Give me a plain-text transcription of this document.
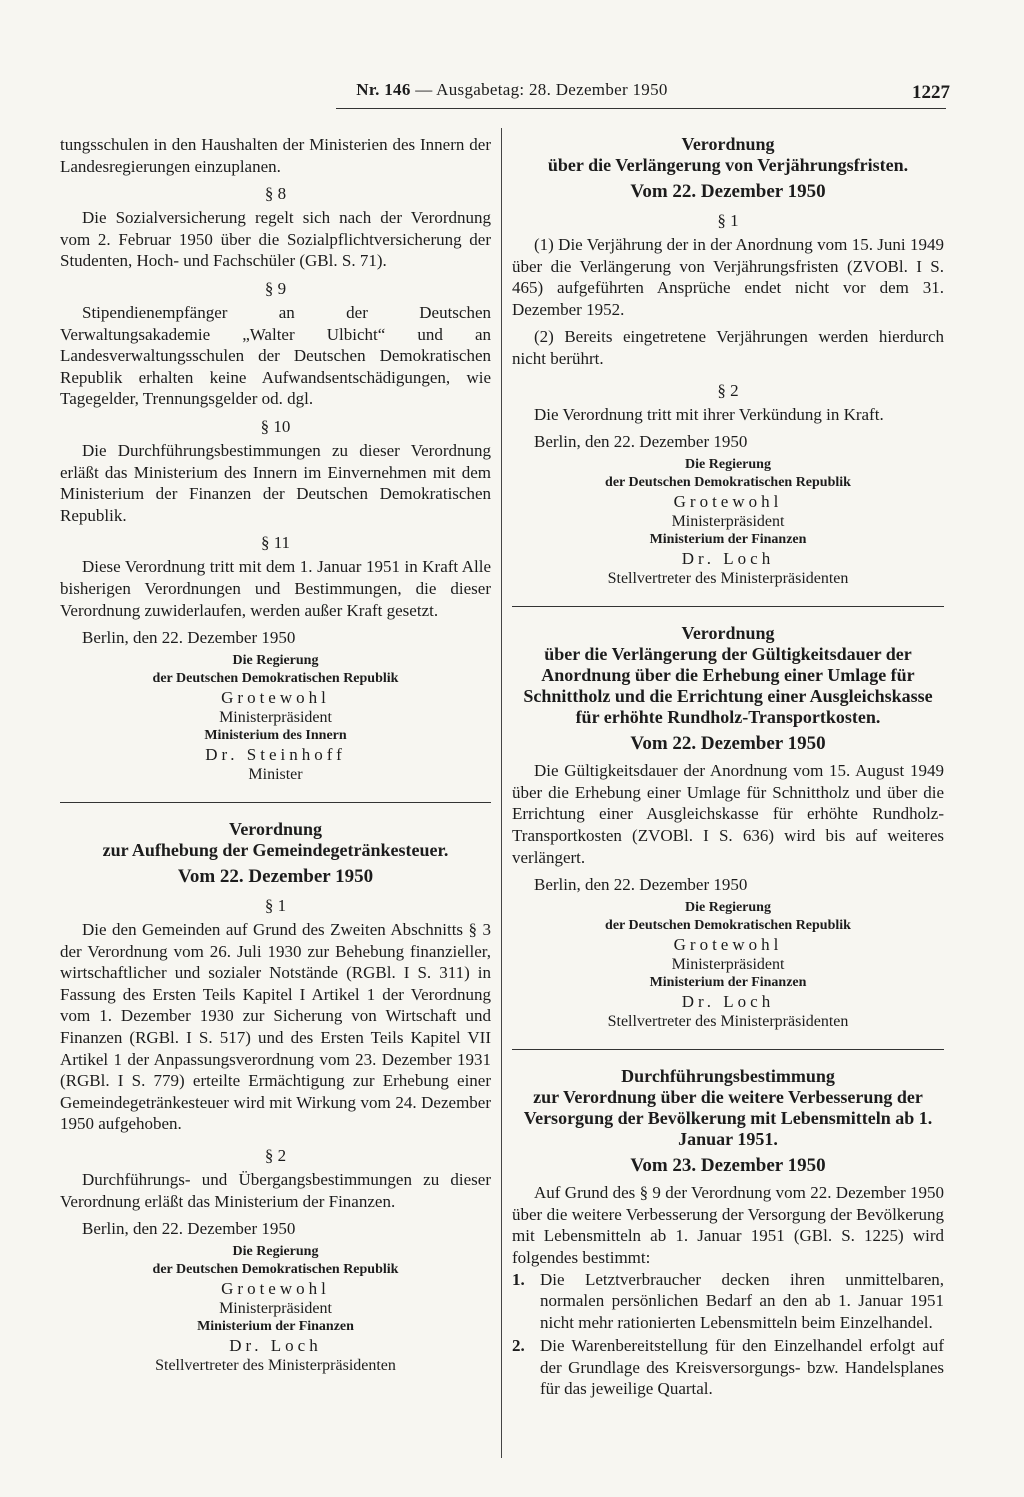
Nr. 146 — Ausgabetag: 28. Dezember 1950	1227

tungsschulen in den Haushalten der Ministerien des Innern der Landesregierungen einzuplanen.

§ 8

Die Sozialversicherung regelt sich nach der Verordnung vom 2. Februar 1950 über die Sozialpflichtversicherung der Studenten, Hoch- und Fachschüler (GBl. S. 71).

§ 9

Stipendienempfänger an der Deutschen Verwaltungsakademie „Walter Ulbicht“ und an Landesverwaltungsschulen der Deutschen Demokratischen Republik erhalten keine Aufwandsentschädigungen, wie Tagegelder, Trennungsgelder od. dgl.

§ 10

Die Durchführungsbestimmungen zu dieser Verordnung erläßt das Ministerium des Innern im Einvernehmen mit dem Ministerium der Finanzen der Deutschen Demokratischen Republik.

§ 11

Diese Verordnung tritt mit dem 1. Januar 1951 in Kraft Alle bisherigen Verordnungen und Bestimmungen, die dieser Verordnung zuwiderlaufen, werden außer Kraft gesetzt.

Berlin, den 22. Dezember 1950
Die Regierung
der Deutschen Demokratischen Republik
Grotewohl
Ministerpräsident
Ministerium des Innern
Dr. Steinhoff
Minister
Verordnung
zur Aufhebung der Gemeindegetränkesteuer.
Vom 22. Dezember 1950
§ 1

Die den Gemeinden auf Grund des Zweiten Abschnitts § 3 der Verordnung vom 26. Juli 1930 zur Behebung finanzieller, wirtschaftlicher und sozialer Notstände (RGBl. I S. 311) in Fassung des Ersten Teils Kapitel I Artikel 1 der Verordnung vom 1. Dezember 1930 zur Sicherung von Wirtschaft und Finanzen (RGBl. I S. 517) und des Ersten Teils Kapitel VII Artikel 1 der Anpassungsverordnung vom 23. Dezember 1931 (RGBl. I S. 779) erteilte Ermächtigung zur Erhebung einer Gemeindegetränkesteuer wird mit Wirkung vom 24. Dezember 1950 aufgehoben.

§ 2

Durchführungs- und Übergangsbestimmungen zu dieser Verordnung erläßt das Ministerium der Finanzen.

Berlin, den 22. Dezember 1950
Die Regierung
der Deutschen Demokratischen Republik
Grotewohl
Ministerpräsident
Ministerium der Finanzen
Dr. Loch
Stellvertreter des Ministerpräsidenten
Verordnung
über die Verlängerung von Verjährungsfristen.
Vom 22. Dezember 1950
§ 1

(1) Die Verjährung der in der Anordnung vom 15. Juni 1949 über die Verlängerung von Verjährungsfristen (ZVOBl. I S. 465) aufgeführten Ansprüche endet nicht vor dem 31. Dezember 1952.

(2) Bereits eingetretene Verjährungen werden hierdurch nicht berührt.

§ 2

Die Verordnung tritt mit ihrer Verkündung in Kraft.

Berlin, den 22. Dezember 1950
Die Regierung
der Deutschen Demokratischen Republik
Grotewohl
Ministerpräsident
Ministerium der Finanzen
Dr. Loch
Stellvertreter des Ministerpräsidenten
Verordnung
über die Verlängerung der Gültigkeitsdauer der Anordnung über die Erhebung einer Umlage für Schnittholz und die Errichtung einer Ausgleichskasse für erhöhte Rundholz-Transportkosten.
Vom 22. Dezember 1950

Die Gültigkeitsdauer der Anordnung vom 15. August 1949 über die Erhebung einer Umlage für Schnittholz und über die Errichtung einer Ausgleichskasse für erhöhte Rundholz-Transportkosten (ZVOBl. I S. 636) wird bis auf weiteres verlängert.

Berlin, den 22. Dezember 1950
Die Regierung
der Deutschen Demokratischen Republik
Grotewohl
Ministerpräsident
Ministerium der Finanzen
Dr. Loch
Stellvertreter des Ministerpräsidenten
Durchführungsbestimmung
zur Verordnung über die weitere Verbesserung der Versorgung der Bevölkerung mit Lebensmitteln ab 1. Januar 1951.
Vom 23. Dezember 1950

Auf Grund des § 9 der Verordnung vom 22. Dezember 1950 über die weitere Verbesserung der Versorgung der Bevölkerung mit Lebensmitteln ab 1. Januar 1951 (GBl. S. 1225) wird folgendes bestimmt:

1. Die Letztverbraucher decken ihren unmittelbaren, normalen persönlichen Bedarf an den ab 1. Januar 1951 nicht mehr rationierten Lebensmitteln beim Einzelhandel.
2. Die Warenbereitstellung für den Einzelhandel erfolgt auf der Grundlage des Kreisversorgungs- bzw. Handelsplanes für das jeweilige Quartal.
